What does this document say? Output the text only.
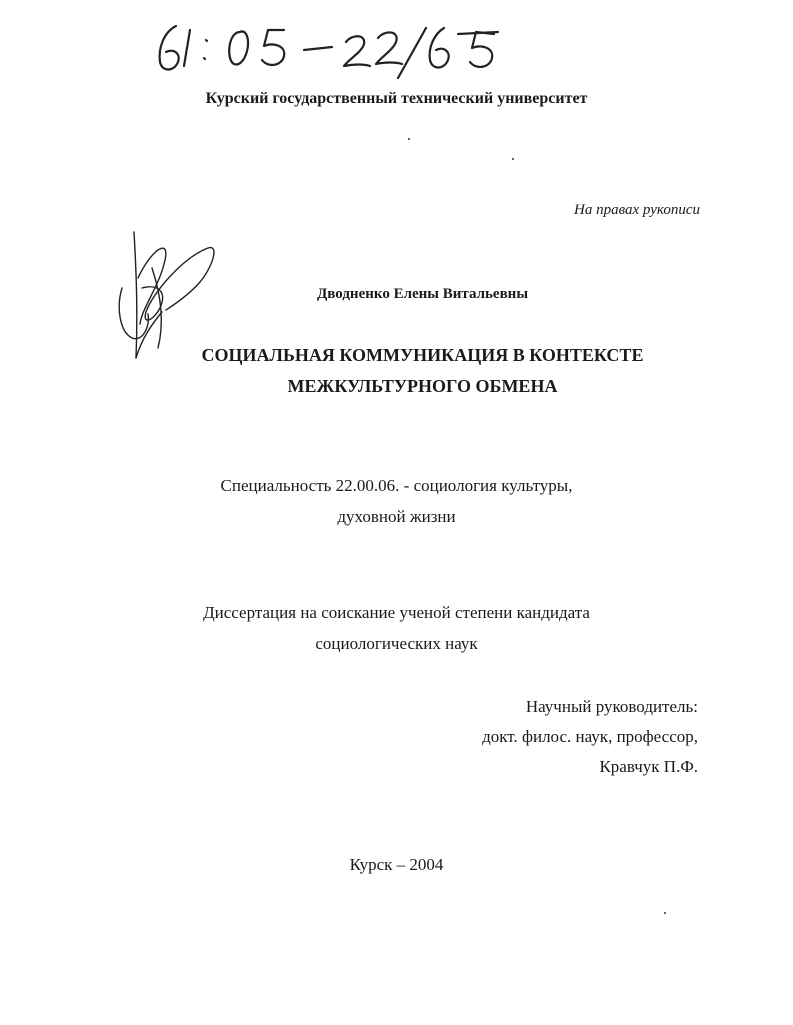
Курский государственный технический университет
На правах рукописи
Дводненко Елены Витальевны
СОЦИАЛЬНАЯ КОММУНИКАЦИЯ В КОНТЕКСТЕ
МЕЖКУЛЬТУРНОГО ОБМЕНА
Специальность 22.00.06. - социология культуры,
духовной жизни
Диссертация на соискание ученой степени кандидата
социологических наук
Научный руководитель:
докт. филос. наук, профессор,
Кравчук П.Ф.
Курск – 2004
